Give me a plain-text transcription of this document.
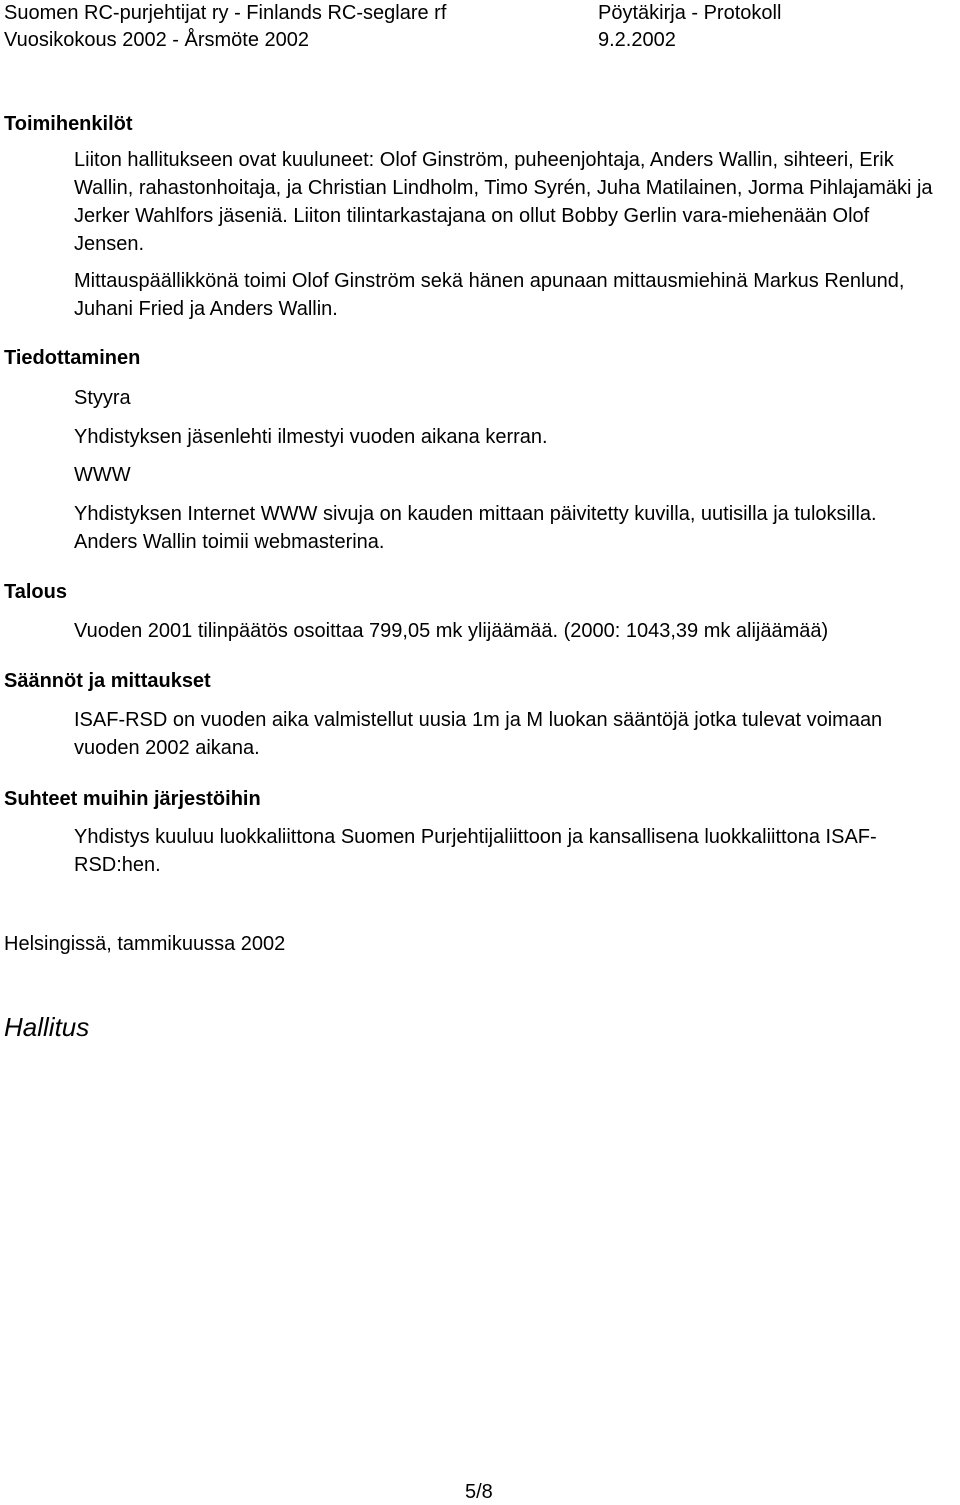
Suomen RC-purjehtijat ry - Finlands RC-seglare rf	Pöytäkirja - Protokoll
Vuosikokous 2002 - Årsmöte 2002	9.2.2002
Toimihenkilöt
Liiton hallitukseen ovat kuuluneet: Olof Ginström, puheenjohtaja, Anders Wallin, sihteeri, Erik Wallin, rahastonhoitaja, ja Christian Lindholm, Timo Syrén, Juha Matilainen, Jorma Pihlajamäki ja Jerker Wahlfors jäseniä. Liiton tilintarkastajana on ollut Bobby Gerlin vara-miehenään Olof Jensen.
Mittauspäällikkönä toimi Olof Ginström sekä hänen apunaan mittausmiehinä Markus Renlund, Juhani Fried ja Anders Wallin.
Tiedottaminen
Styyra
Yhdistyksen jäsenlehti ilmestyi vuoden aikana kerran.
WWW
Yhdistyksen Internet WWW sivuja on kauden mittaan päivitetty kuvilla, uutisilla ja tuloksilla. Anders Wallin toimii webmasterina.
Talous
Vuoden 2001 tilinpäätös osoittaa 799,05 mk ylijäämää. (2000: 1043,39 mk alijäämää)
Säännöt ja mittaukset
ISAF-RSD on vuoden aika valmistellut uusia 1m ja M luokan sääntöjä jotka tulevat voimaan vuoden 2002 aikana.
Suhteet muihin järjestöihin
Yhdistys kuuluu luokkaliittona Suomen Purjehtijaliittoon ja kansallisena luokkaliittona ISAF-RSD:hen.
Helsingissä, tammikuussa 2002
Hallitus
5/8
